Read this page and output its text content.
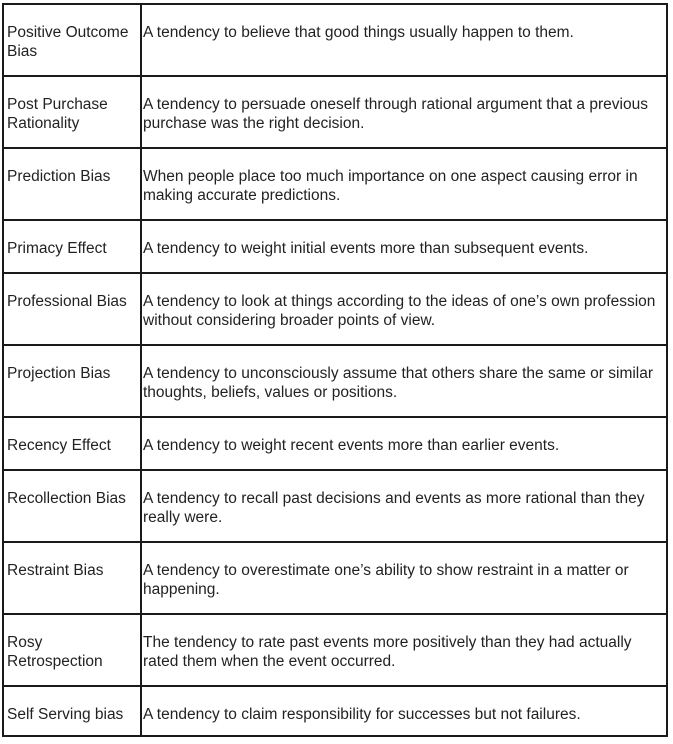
Positive Outcome Bias	A tendency to believe that good things usually happen to them.
Post Purchase Rationality	A tendency to persuade oneself through rational argument that a previous purchase was the right decision.
Prediction Bias	When people place too much importance on one aspect causing error in making accurate predictions.
Primacy Effect	A tendency to weight initial events more than subsequent events.
Professional Bias	A tendency to look at things according to the ideas of one’s own profession without considering broader points of view.
Projection Bias	A tendency to unconsciously assume that others share the same or similar thoughts, beliefs, values or positions.
Recency Effect	A tendency to weight recent events more than earlier events.
Recollection Bias	A tendency to recall past decisions and events as more rational than they really were.
Restraint Bias	A tendency to overestimate one’s ability to show restraint in a matter or happening.
Rosy Retrospection	The tendency to rate past events more positively than they had actually rated them when the event occurred.
Self Serving bias	A tendency to claim responsibility for successes but not failures.
